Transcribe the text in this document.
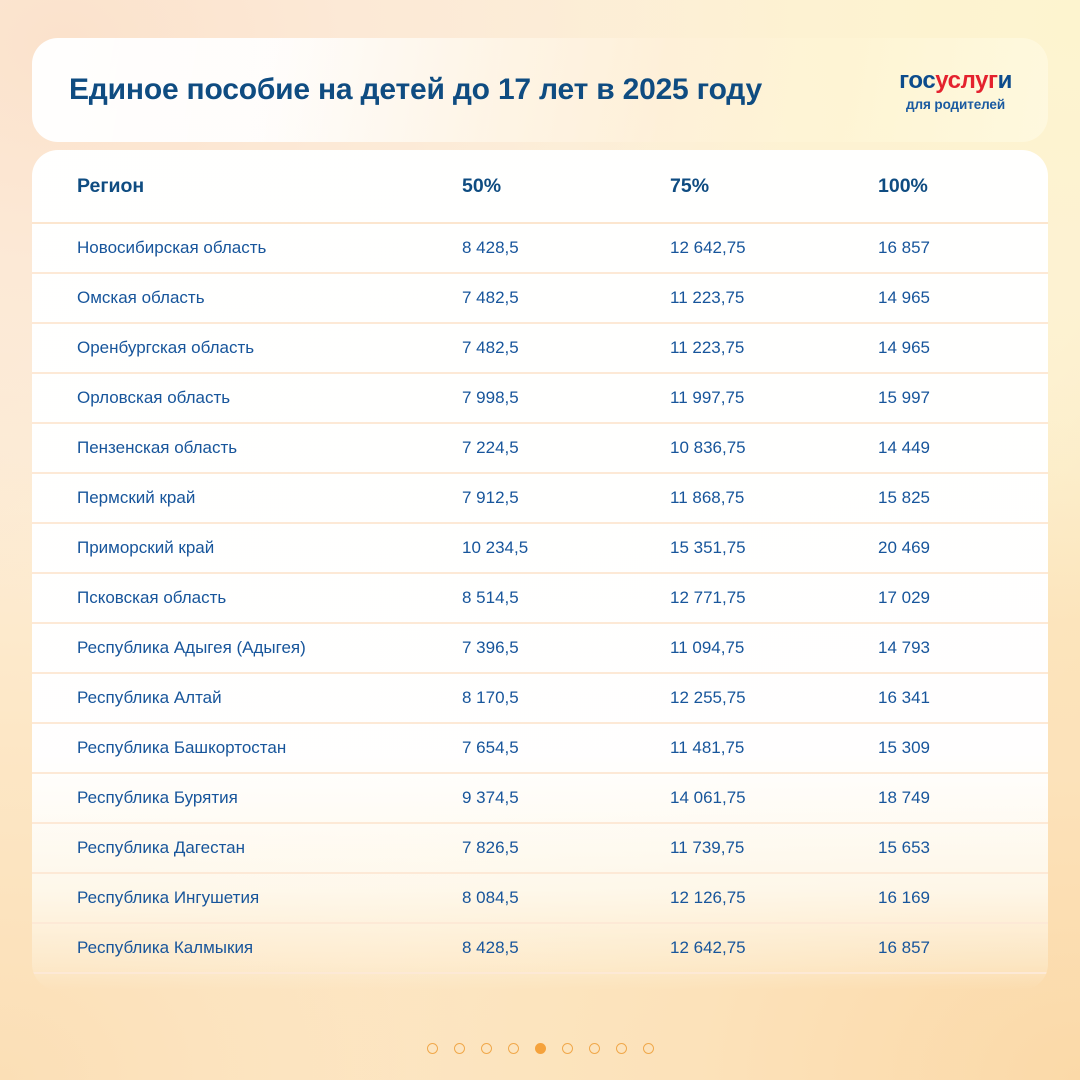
Единое пособие на детей до 17 лет в 2025 году	госуслуги
для родителей
Регион	50%	75%	100%
Новосибирская область	8 428,5	12 642,75	16 857
Омская область	7 482,5	11 223,75	14 965
Оренбургская область	7 482,5	11 223,75	14 965
Орловская область	7 998,5	11 997,75	15 997
Пензенская область	7 224,5	10 836,75	14 449
Пермский край	7 912,5	11 868,75	15 825
Приморский край	10 234,5	15 351,75	20 469
Псковская область	8 514,5	12 771,75	17 029
Республика Адыгея (Адыгея)	7 396,5	11 094,75	14 793
Республика Алтай	8 170,5	12 255,75	16 341
Республика Башкортостан	7 654,5	11 481,75	15 309
Республика Бурятия	9 374,5	14 061,75	18 749
Республика Дагестан	7 826,5	11 739,75	15 653
Республика Ингушетия	8 084,5	12 126,75	16 169
Республика Калмыкия	8 428,5	12 642,75	16 857
